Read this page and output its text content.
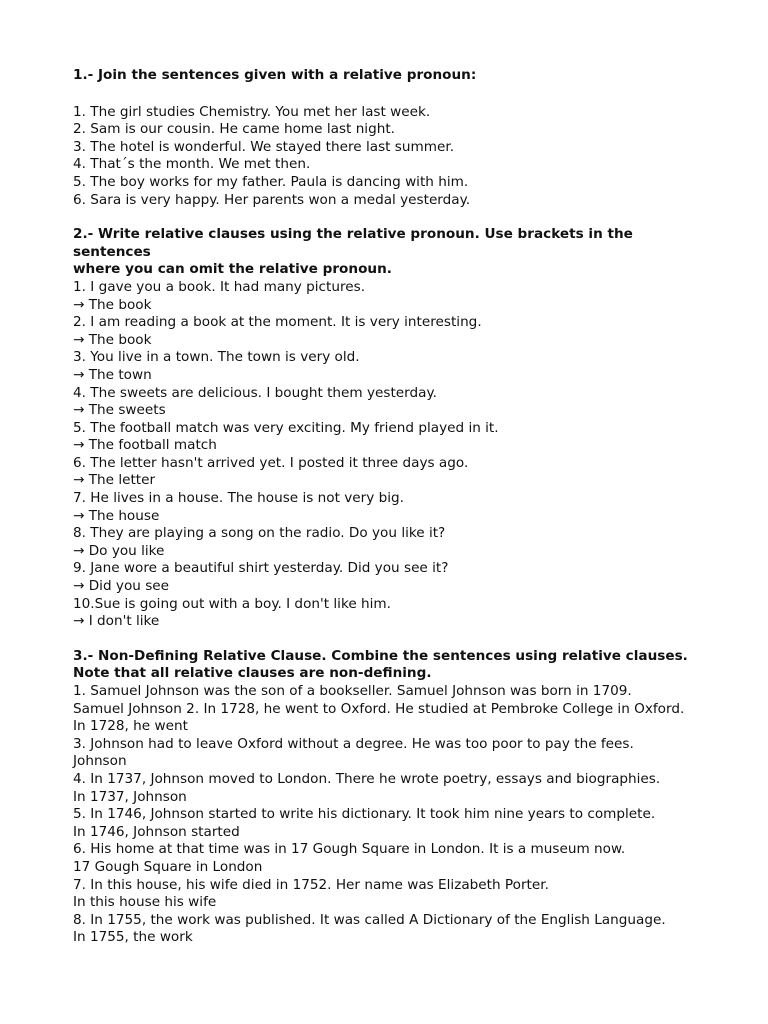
1.- Join the sentences given with a relative pronoun:
1. The girl studies Chemistry. You met her last week.
2. Sam is our cousin. He came home last night.
3. The hotel is wonderful. We stayed there last summer.
4. That´s the month. We met then.
5. The boy works for my father. Paula is dancing with him.
6. Sara is very happy. Her parents won a medal yesterday.
2.- Write relative clauses using the relative pronoun. Use brackets in the
sentences
where you can omit the relative pronoun.
1. I gave you a book. It had many pictures.
→ The book
2. I am reading a book at the moment. It is very interesting.
→ The book
3. You live in a town. The town is very old.
→ The town
4. The sweets are delicious. I bought them yesterday.
→ The sweets
5. The football match was very exciting. My friend played in it.
→ The football match
6. The letter hasn't arrived yet. I posted it three days ago.
→ The letter
7. He lives in a house. The house is not very big.
→ The house
8. They are playing a song on the radio. Do you like it?
→ Do you like
9. Jane wore a beautiful shirt yesterday. Did you see it?
→ Did you see
10.Sue is going out with a boy. I don't like him.
→ I don't like
3.- Non-Defining Relative Clause. Combine the sentences using relative clauses.
Note that all relative clauses are non-defining.
1. Samuel Johnson was the son of a bookseller. Samuel Johnson was born in 1709.
Samuel Johnson 2. In 1728, he went to Oxford. He studied at Pembroke College in Oxford.
In 1728, he went
3. Johnson had to leave Oxford without a degree. He was too poor to pay the fees.
Johnson
4. In 1737, Johnson moved to London. There he wrote poetry, essays and biographies.
In 1737, Johnson
5. In 1746, Johnson started to write his dictionary. It took him nine years to complete.
In 1746, Johnson started
6. His home at that time was in 17 Gough Square in London. It is a museum now.
17 Gough Square in London
7. In this house, his wife died in 1752. Her name was Elizabeth Porter.
In this house his wife
8. In 1755, the work was published. It was called A Dictionary of the English Language.
In 1755, the work
